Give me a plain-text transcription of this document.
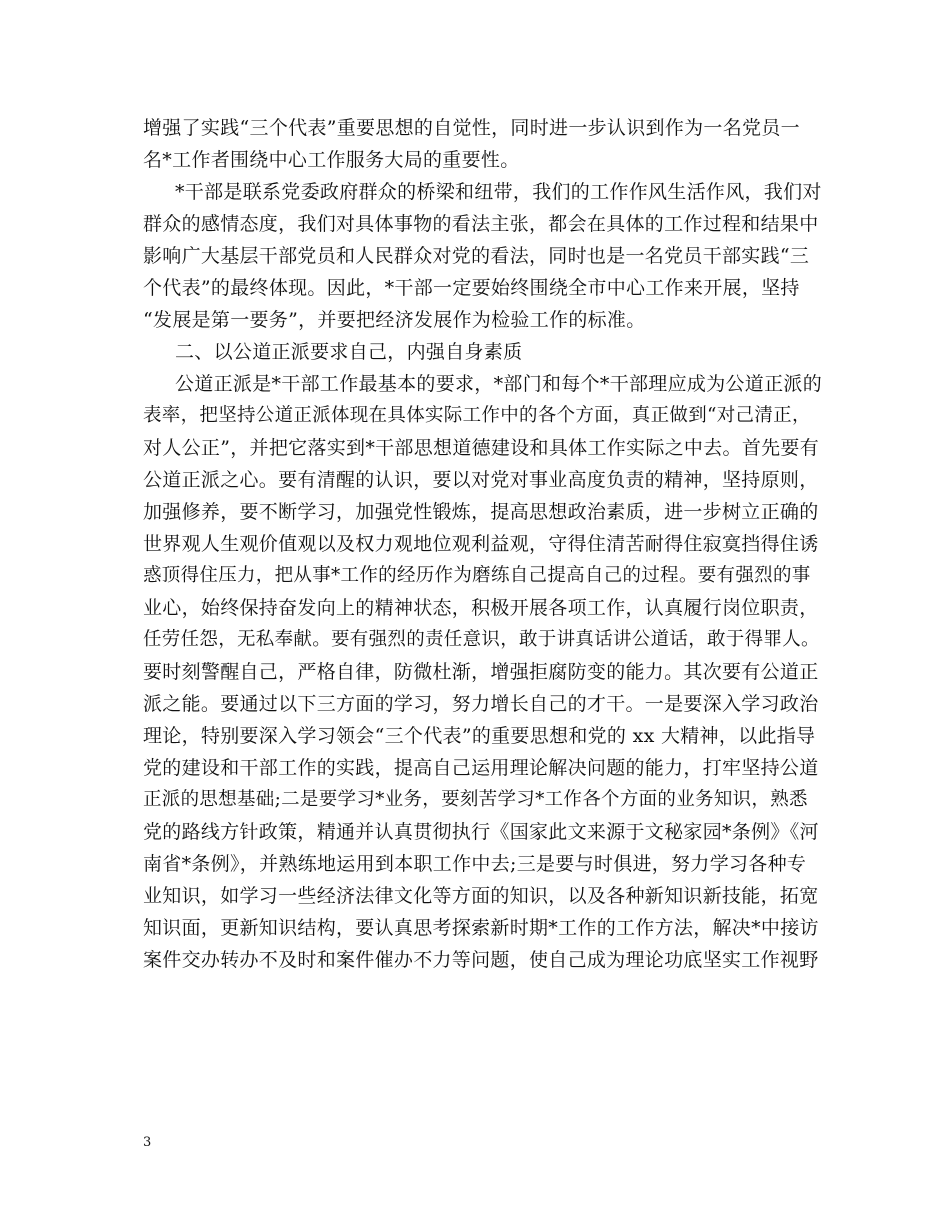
增强了实践“三个代表”重要思想的自觉性，同时进一步认识到作为一名党员一
名*工作者围绕中心工作服务大局的重要性。
*干部是联系党委政府群众的桥梁和纽带，我们的工作作风生活作风，我们对
群众的感情态度，我们对具体事物的看法主张，都会在具体的工作过程和结果中
影响广大基层干部党员和人民群众对党的看法，同时也是一名党员干部实践“三
个代表”的最终体现。因此，*干部一定要始终围绕全市中心工作来开展，坚持
“发展是第一要务”，并要把经济发展作为检验工作的标准。
二、以公道正派要求自己，内强自身素质
公道正派是*干部工作最基本的要求，*部门和每个*干部理应成为公道正派的
表率，把坚持公道正派体现在具体实际工作中的各个方面，真正做到“对己清正，
对人公正”，并把它落实到*干部思想道德建设和具体工作实际之中去。首先要有
公道正派之心。要有清醒的认识，要以对党对事业高度负责的精神，坚持原则，
加强修养，要不断学习，加强党性锻炼，提高思想政治素质，进一步树立正确的
世界观人生观价值观以及权力观地位观利益观，守得住清苦耐得住寂寞挡得住诱
惑顶得住压力，把从事*工作的经历作为磨练自己提高自己的过程。要有强烈的事
业心，始终保持奋发向上的精神状态，积极开展各项工作，认真履行岗位职责，
任劳任怨，无私奉献。要有强烈的责任意识，敢于讲真话讲公道话，敢于得罪人。
要时刻警醒自己，严格自律，防微杜渐，增强拒腐防变的能力。其次要有公道正
派之能。要通过以下三方面的学习，努力增长自己的才干。一是要深入学习政治
理论，特别要深入学习领会“三个代表”的重要思想和党的 xx 大精神，以此指导
党的建设和干部工作的实践，提高自己运用理论解决问题的能力，打牢坚持公道
正派的思想基础;二是要学习*业务，要刻苦学习*工作各个方面的业务知识，熟悉
党的路线方针政策，精通并认真贯彻执行《国家此文来源于文秘家园*条例》《河
南省*条例》，并熟练地运用到本职工作中去;三是要与时俱进，努力学习各种专
业知识，如学习一些经济法律文化等方面的知识，以及各种新知识新技能，拓宽
知识面，更新知识结构，要认真思考探索新时期*工作的工作方法，解决*中接访
案件交办转办不及时和案件催办不力等问题，使自己成为理论功底坚实工作视野
3
